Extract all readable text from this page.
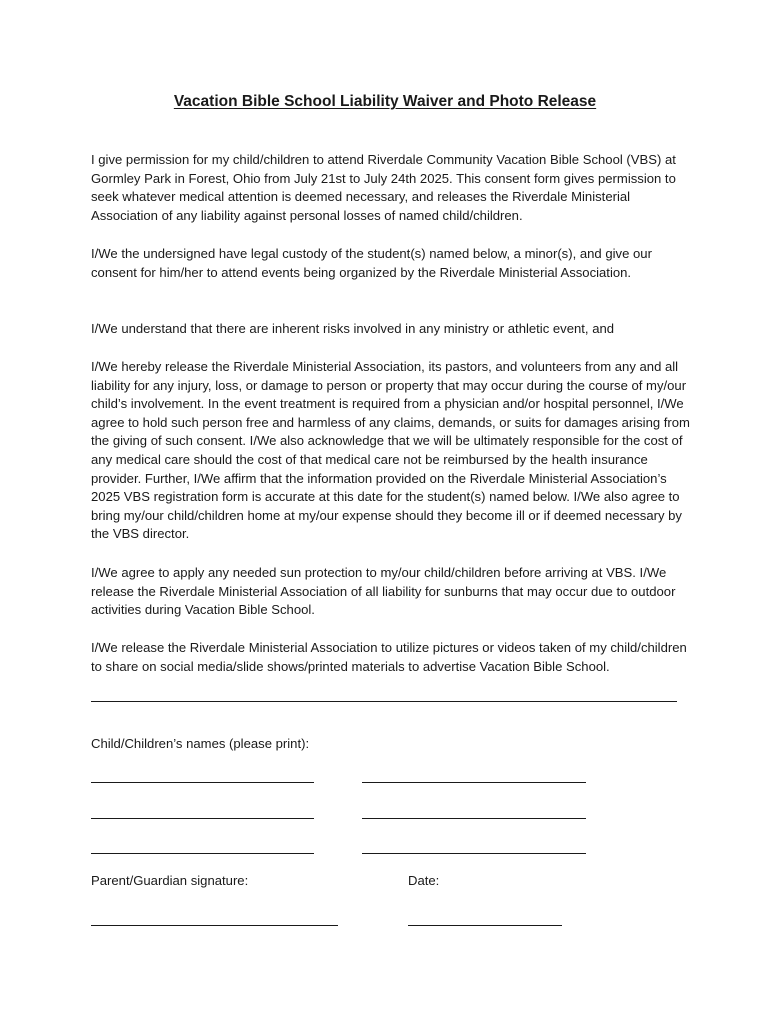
Vacation Bible School Liability Waiver and Photo Release

I give permission for my child/children to attend Riverdale Community Vacation Bible School (VBS) at Gormley Park in Forest, Ohio from July 21st to July 24th 2025. This consent form gives permission to seek whatever medical attention is deemed necessary, and releases the Riverdale Ministerial Association of any liability against personal losses of named child/children.

I/We the undersigned have legal custody of the student(s) named below, a minor(s), and give our consent for him/her to attend events being organized by the Riverdale Ministerial Association.

I/We understand that there are inherent risks involved in any ministry or athletic event, and

I/We hereby release the Riverdale Ministerial Association, its pastors, and volunteers from any and all liability for any injury, loss, or damage to person or property that may occur during the course of my/our child’s involvement. In the event treatment is required from a physician and/or hospital personnel, I/We agree to hold such person free and harmless of any claims, demands, or suits for damages arising from the giving of such consent. I/We also acknowledge that we will be ultimately responsible for the cost of any medical care should the cost of that medical care not be reimbursed by the health insurance provider. Further, I/We affirm that the information provided on the Riverdale Ministerial Association’s 2025 VBS registration form is accurate at this date for the student(s) named below. I/We also agree to bring my/our child/children home at my/our expense should they become ill or if deemed necessary by the VBS director.

I/We agree to apply any needed sun protection to my/our child/children before arriving at VBS. I/We release the Riverdale Ministerial Association of all liability for sunburns that may occur due to outdoor activities during Vacation Bible School.

I/We release the Riverdale Ministerial Association to utilize pictures or videos taken of my child/children to share on social media/slide shows/printed materials to advertise Vacation Bible School.

Child/Children’s names (please print):
Parent/Guardian signature:	Date:
